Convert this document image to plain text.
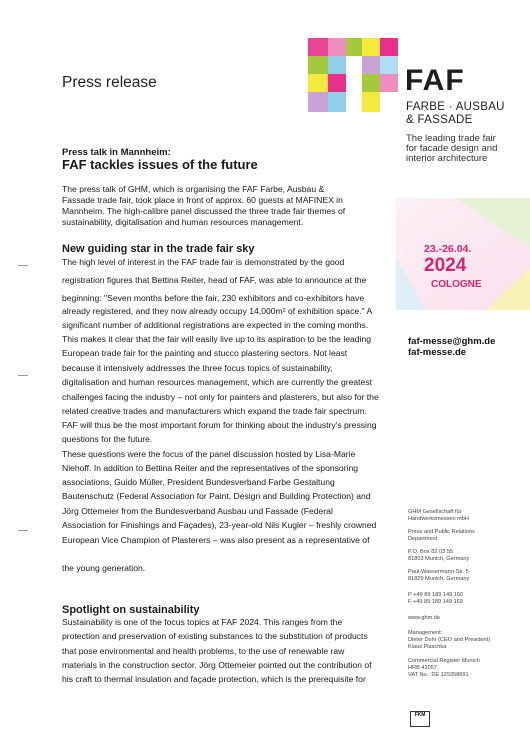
Press release	FAF
FARBE · AUSBAU
& FASSADE
The leading trade fair
for facade design and
interior architecture
23.-26.04.
2024
COLOGNE
faf-messe@ghm.de
faf-messe.de
Press talk in Mannheim:
FAF tackles issues of the future
The press talk of GHM, which is organising the FAF Farbe, Ausbau &
Fassade trade fair, took place in front of approx. 60 guests at MAFINEX in
Mannheim. The high-calibre panel discussed the three trade fair themes of
sustainability, digitalisation and human resources management.
New guiding star in the trade fair sky
The high level of interest in the FAF trade fair is demonstrated by the good
registration figures that Bettina Reiter, head of FAF, was able to announce at the
beginning: "Seven months before the fair, 230 exhibitors and co-exhibitors have
already registered, and they now already occupy 14,000m² of exhibition space." A
significant number of additional registrations are expected in the coming months.
This makes it clear that the fair will easily live up to its aspiration to be the leading
European trade fair for the painting and stucco plastering sectors. Not least
because it intensively addresses the three focus topics of sustainability,
digitalisation and human resources management, which are currently the greatest
challenges facing the industry – not only for painters and plasterers, but also for the
related creative trades and manufacturers which expand the trade fair spectrum.
FAF will thus be the most important forum for thinking about the industry's pressing
questions for the future.
These questions were the focus of the panel discussion hosted by Lisa-Marie
Niehoff. In addition to Bettina Reiter and the representatives of the sponsoring
associations, Guido Müller, President Bundesverband Farbe Gestaltung
Bautenschutz (Federal Association for Paint, Design and Building Protection) and
Jörg Ottemeier from the Bundesverband Ausbau und Fassade (Federal
Association for Finishings and Façades), 23-year-old Nils Kugler – freshly crowned
European Vice Champion of Plasterers – was also present as a representative of
the young generation.
Spotlight on sustainability
Sustainability is one of the focus topics at FAF 2024. This ranges from the
protection and preservation of existing substances to the substitution of products
that pose environmental and health problems, to the use of renewable raw
materials in the construction sector. Jörg Ottemeier pointed out the contribution of
his craft to thermal insulation and façade protection, which is the prerequisite for
GHM Gesellschaft für
Handwerksmessen mbH
Press and Public Relations
Department
P.O. Box 82 03 55
81803 Munich, Germany
Paul-Wassermann-Str. 5
81829 Munich, Germany
P +49 89 189 149 160
F +49 89 189 149 169
www.ghm.de
Management:
Dieter Dohr (CEO and President)
Klaus Plaschka
Commercial Register Munich
HRB 42057
VAT No.: DE 129358691
FKM
